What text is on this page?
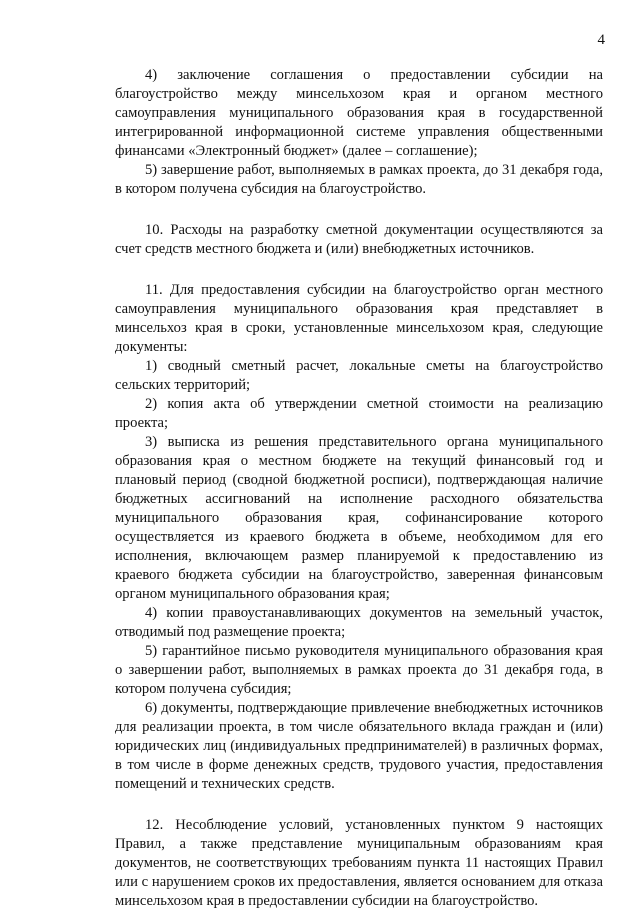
4

4) заключение соглашения о предоставлении субсидии на благоустройство между минсельхозом края и органом местного самоуправления муниципального образования края в государственной интегрированной информационной системе управления общественными финансами «Электронный бюджет» (далее – соглашение);

5) завершение работ, выполняемых в рамках проекта, до 31 декабря года, в котором получена субсидия на благоустройство.

10. Расходы на разработку сметной документации осуществляются за счет средств местного бюджета и (или) внебюджетных источников.

11. Для предоставления субсидии на благоустройство орган местного самоуправления муниципального образования края представляет в минсельхоз края в сроки, установленные минсельхозом края, следующие документы:

1) сводный сметный расчет, локальные сметы на благоустройство сельских территорий;

2) копия акта об утверждении сметной стоимости на реализацию проекта;

3) выписка из решения представительного органа муниципального образования края о местном бюджете на текущий финансовый год и плановый период (сводной бюджетной росписи), подтверждающая наличие бюджетных ассигнований на исполнение расходного обязательства муниципального образования края, софинансирование которого осуществляется из краевого бюджета в объеме, необходимом для его исполнения, включающем размер планируемой к предоставлению из краевого бюджета субсидии на благоустройство, заверенная финансовым органом муниципального образования края;

4) копии правоустанавливающих документов на земельный участок, отводимый под размещение проекта;

5) гарантийное письмо руководителя муниципального образования края о завершении работ, выполняемых в рамках проекта до 31 декабря года, в котором получена субсидия;

6) документы, подтверждающие привлечение внебюджетных источников для реализации проекта, в том числе обязательного вклада граждан и (или) юридических лиц (индивидуальных предпринимателей) в различных формах, в том числе в форме денежных средств, трудового участия, предоставления помещений и технических средств.

12. Несоблюдение условий, установленных пунктом 9 настоящих Правил, а также представление муниципальным образованиям края документов, не соответствующих требованиям пункта 11 настоящих Правил или с нарушением сроков их предоставления, является основанием для отказа минсельхозом края в предоставлении субсидии на благоустройство.
